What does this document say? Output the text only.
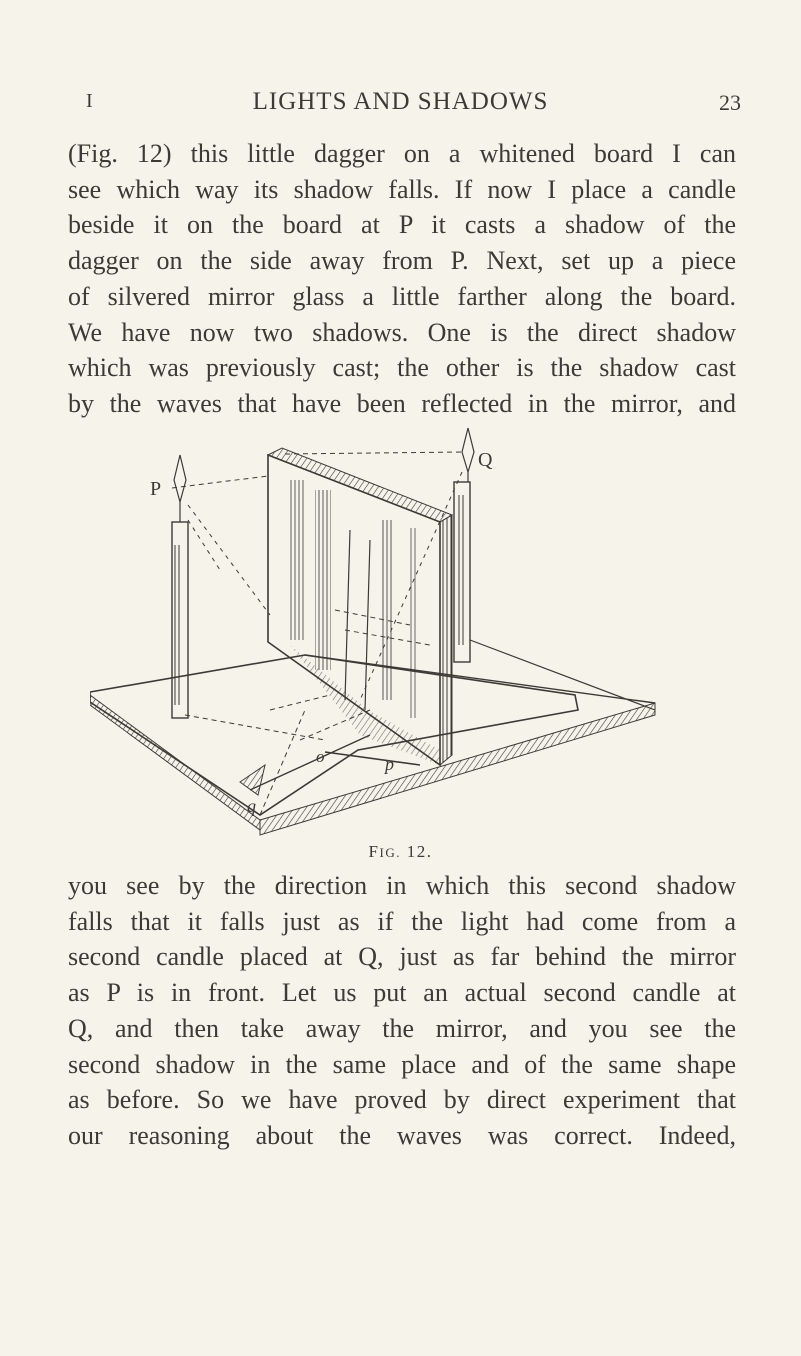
I	LIGHTS AND SHADOWS	23
(Fig. 12) this little dagger on a whitened board I can
see which way its shadow falls. If now I place a candle
beside it on the board at P it casts a shadow of the
dagger on the side away from P. Next, set up a piece
of silvered mirror glass a little farther along the board.
We have now two shadows. One is the direct shadow
which was previously cast; the other is the shadow cast
by the waves that have been reflected in the mirror, and
P
Q
o	p
q
FIG. 12.
you see by the direction in which this second shadow
falls that it falls just as if the light had come from a
second candle placed at Q, just as far behind the mirror
as P is in front. Let us put an actual second candle at
Q, and then take away the mirror, and you see the
second shadow in the same place and of the same shape
as before. So we have proved by direct experiment that
our reasoning about the waves was correct. Indeed,
